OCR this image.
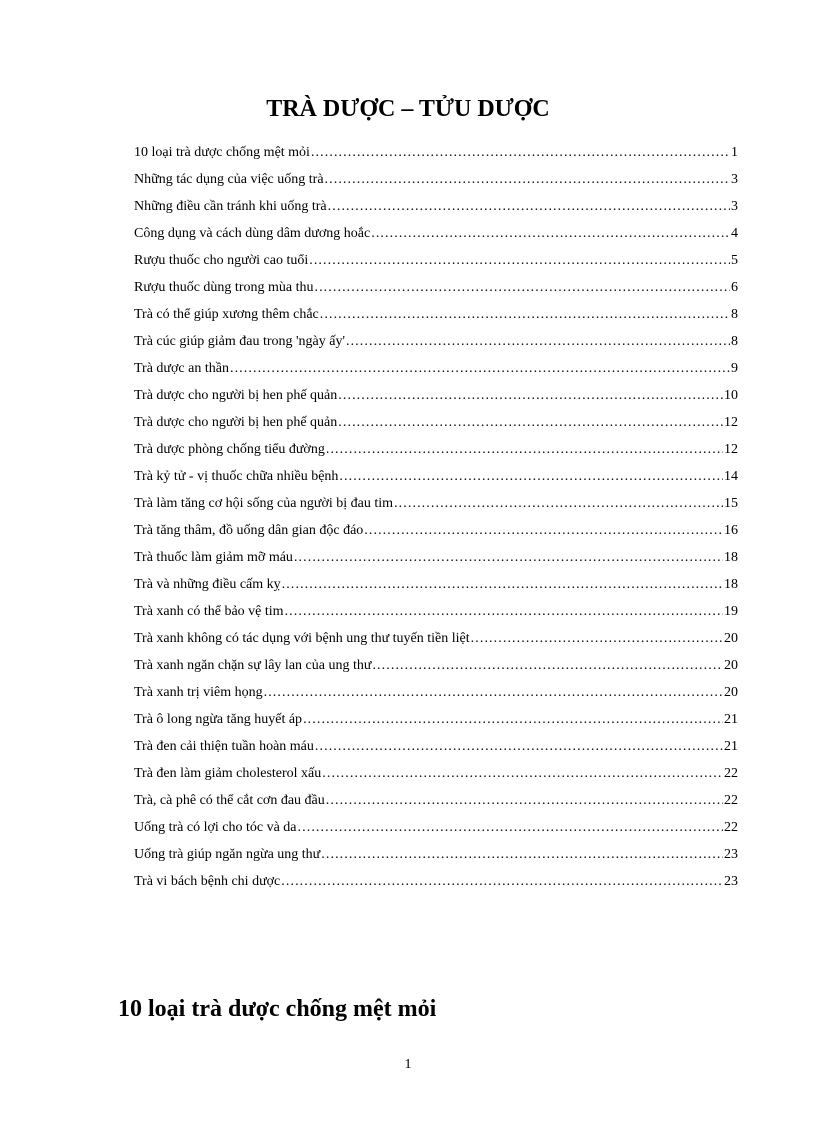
TRÀ DƯỢC – TỬU DƯỢC
10 loại trà dược chống mệt mỏi . . .	1
Những tác dụng của việc uống trà . . .	3
Những điều cần tránh khi uống trà . . .	3
Công dụng và cách dùng dâm dương hoắc . . .	4
Rượu thuốc cho người cao tuổi . . .	5
Rượu thuốc dùng trong mùa thu . . .	6
Trà có thể giúp xương thêm chắc . . .	8
Trà cúc giúp giảm đau trong 'ngày ấy' . . .	8
Trà dược an thần . . .	9
Trà dược cho người bị hen phế quản . . .	10
Trà dược cho người bị hen phế quản . . .	12
Trà dược phòng chống tiểu đường . . .	12
Trà kỷ tử - vị thuốc chữa nhiều bệnh . . .	14
Trà làm tăng cơ hội sống của người bị đau tim . . .	15
Trà tăng thâm, đồ uống dân gian độc đáo . . .	16
Trà thuốc làm giảm mỡ máu . . .	18
Trà và những điều cấm kỵ . . .	18
Trà xanh có thể bảo vệ tim . . .	19
Trà xanh không có tác dụng với bệnh ung thư tuyến tiền liệt . . .	20
Trà xanh ngăn chặn sự lây lan của ung thư . . .	20
Trà xanh trị viêm họng . . .	20
Trà ô long ngừa tăng huyết áp . . .	21
Trà đen cải thiện tuần hoàn máu . . .	21
Trà đen làm giảm cholesterol xấu . . .	22
Trà, cà phê có thể cắt cơn đau đầu . . .	22
Uống trà có lợi cho tóc và da . . .	22
Uống trà giúp ngăn ngừa ung thư . . .	23
Trà vi bách bệnh chi dược . . .	23
10 loại trà dược chống mệt mỏi
1
